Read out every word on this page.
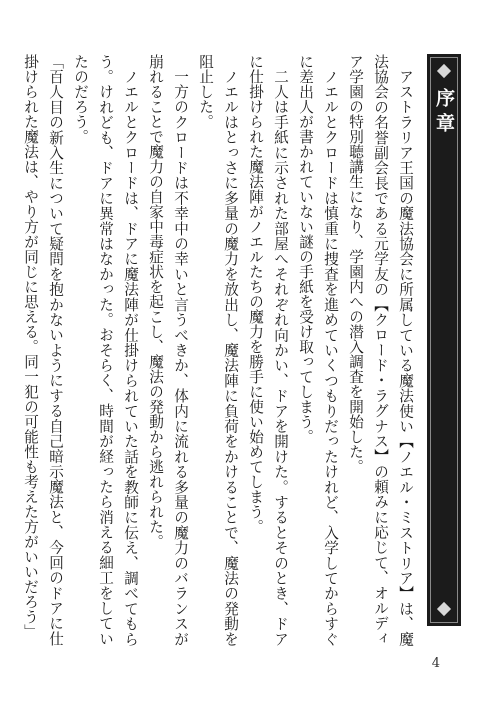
序章

アストラリア王国の魔法協会に所属している魔法使い【ノエル・ミストリア】は、魔法協会の名誉副会長である元学友の【クロード・ラグナス】の頼みに応じて、オルディア学園の特別聴講生になり、学園内への潜入調査を開始した。

ノエルとクロードは慎重に捜査を進めていくつもりだったけれど、入学してからすぐに差出人が書かれていない謎の手紙を受け取ってしまう。

二人は手紙に示された部屋へそれぞれ向かい、ドアを開けた。するとそのとき、ドアに仕掛けられた魔法陣がノエルたちの魔力を勝手に使い始めてしまう。

ノエルはとっさに多量の魔力を放出し、魔法陣に負荷をかけることで、魔法の発動を阻止した。

一方のクロードは不幸中の幸いと言うべきか、体内に流れる多量の魔力のバランスが崩れることで魔力の自家中毒症状を起こし、魔法の発動から逃れられた。

ノエルとクロードは、ドアに魔法陣が仕掛けられていた話を教師に伝え、調べてもらう。けれども、ドアに異常はなかった。おそらく、時間が経ったら消える細工をしていたのだろう。

「百人目の新入生について疑問を抱かないようにする自己暗示魔法と、今回のドアに仕掛けられた魔法は、やり方が同じに思える。同一犯の可能性も考えた方がいいだろう」

4
